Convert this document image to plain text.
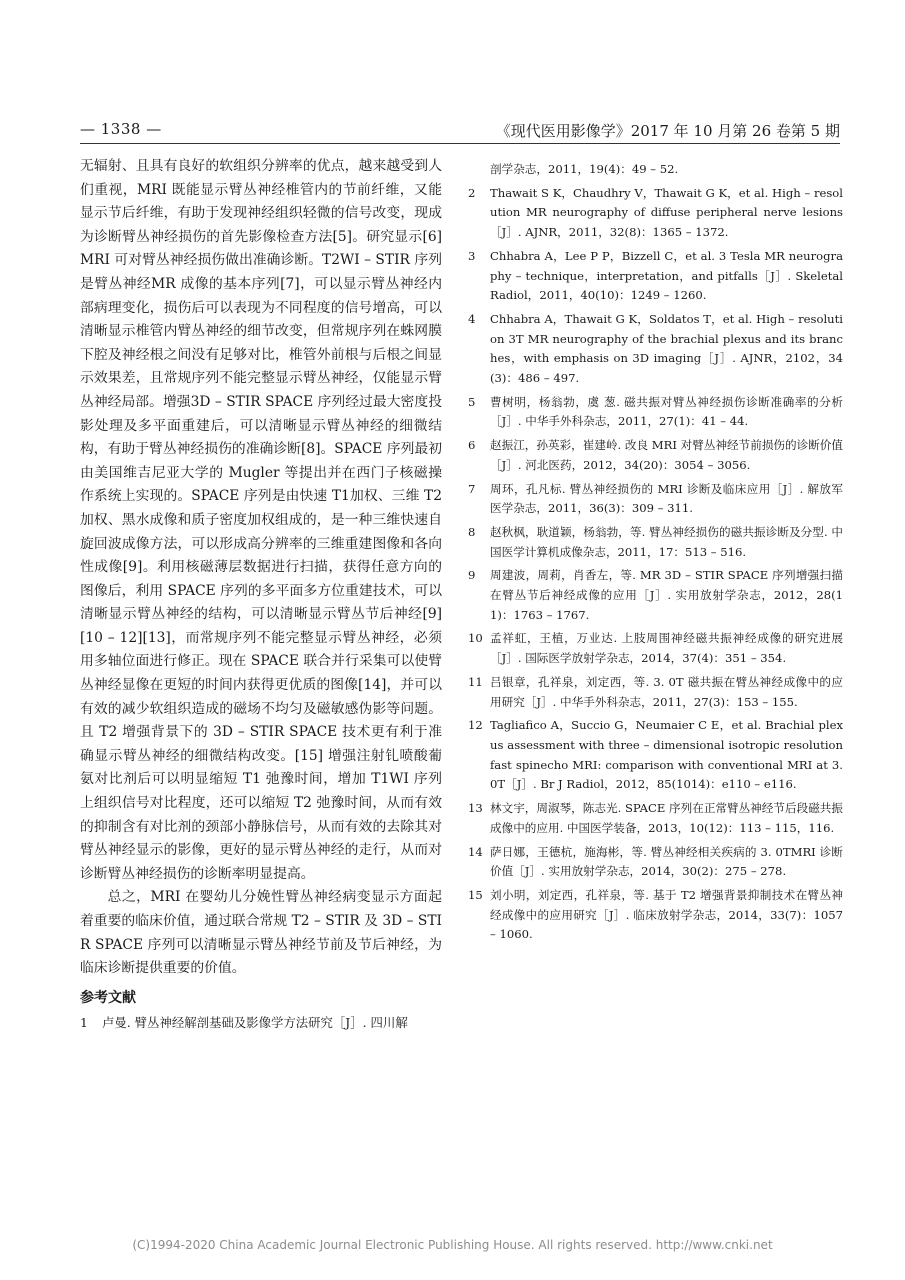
— 1338 —	《现代医用影像学》2017 年 10 月第 26 卷第 5 期

无辐射、且具有良好的软组织分辨率的优点，越来越受到人们重视，MRI 既能显示臂丛神经椎管内的节前纤维，又能显示节后纤维，有助于发现神经组织轻微的信号改变，现成为诊断臂丛神经损伤的首先影像检查方法[5]。研究显示[6] MRI 可对臂丛神经损伤做出准确诊断。T2WI – STIR 序列是臂丛神经MR 成像的基本序列[7]，可以显示臂丛神经内部病理变化，损伤后可以表现为不同程度的信号增高，可以清晰显示椎管内臂丛神经的细节改变，但常规序列在蛛网膜下腔及神经根之间没有足够对比，椎管外前根与后根之间显示效果差，且常规序列不能完整显示臂丛神经，仅能显示臂丛神经局部。增强3D – STIR SPACE 序列经过最大密度投影处理及多平面重建后，可以清晰显示臂丛神经的细微结构，有助于臂丛神经损伤的准确诊断[8]。SPACE 序列最初由美国维吉尼亚大学的 Mugler 等提出并在西门子核磁操作系统上实现的。SPACE 序列是由快速 T1加权、三维 T2 加权、黑水成像和质子密度加权组成的，是一种三维快速自旋回波成像方法，可以形成高分辨率的三维重建图像和各向性成像[9]。利用核磁薄层数据进行扫描，获得任意方向的图像后，利用 SPACE 序列的多平面多方位重建技术，可以清晰显示臂丛神经的结构，可以清晰显示臂丛节后神经[9][10 – 12][13]，而常规序列不能完整显示臂丛神经，必须用多轴位面进行修正。现在 SPACE 联合并行采集可以使臂丛神经显像在更短的时间内获得更优质的图像[14]，并可以有效的减少软组织造成的磁场不均匀及磁敏感伪影等问题。且 T2 增强背景下的 3D – STIR SPACE 技术更有利于准确显示臂丛神经的细微结构改变。[15] 增强注射钆喷酸葡氨对比剂后可以明显缩短 T1 弛豫时间，增加 T1WI 序列上组织信号对比程度，还可以缩短 T2 弛豫时间，从而有效的抑制含有对比剂的颈部小静脉信号，从而有效的去除其对臂丛神经显示的影像，更好的显示臂丛神经的走行，从而对诊断臂丛神经损伤的诊断率明显提高。

总之，MRI 在婴幼儿分娩性臂丛神经病变显示方面起着重要的临床价值，通过联合常规 T2 – STIR 及 3D – STIR SPACE 序列可以清晰显示臂丛神经节前及节后神经，为临床诊断提供重要的价值。

参考文献
1	卢曼. 臂丛神经解剖基础及影像学方法研究［J］. 四川解
剖学杂志，2011，19(4)：49 – 52.
2	Thawait S K，Chaudhry V，Thawait G K，et al. High – resolution MR neurography of diffuse peripheral nerve lesions［J］. AJNR，2011，32(8)：1365 – 1372.
3	Chhabra A，Lee P P，Bizzell C，et al. 3 Tesla MR neurography – technique，interpretation，and pitfalls［J］. Skeletal Radiol，2011，40(10)：1249 – 1260.
4	Chhabra A，Thawait G K，Soldatos T，et al. High – resolution 3T MR neurography of the brachial plexus and its branches，with emphasis on 3D imaging［J］. AJNR，2102，34(3)：486 – 497.
5	曹树明，杨翁勃，虞 葱. 磁共振对臂丛神经损伤诊断准确率的分析［J］. 中华手外科杂志，2011，27(1)：41 – 44.
6	赵振江，孙英彩，崔建岭. 改良 MRI 对臂丛神经节前损伤的诊断价值［J］. 河北医药，2012，34(20)：3054 – 3056.
7	周环，孔凡标. 臂丛神经损伤的 MRI 诊断及临床应用［J］. 解放军医学杂志，2011，36(3)：309 – 311.
8	赵秋枫，耿道颖，杨翁勃，等. 臂丛神经损伤的磁共振诊断及分型. 中国医学计算机成像杂志，2011，17：513 – 516.
9	周建波，周莉，肖香左，等. MR 3D – STIR SPACE 序列增强扫描在臂丛节后神经成像的应用［J］. 实用放射学杂志，2012，28(11)：1763 – 1767.
10 孟祥虹，王植，万业达. 上肢周围神经磁共振神经成像的研究进展［J］. 国际医学放射学杂志，2014，37(4)：351 – 354.
11 吕银章，孔祥泉，刘定西，等. 3. 0T 磁共振在臂丛神经成像中的应用研究［J］. 中华手外科杂志，2011，27(3)：153 – 155.
12 Tagliafico A，Succio G，Neumaier C E，et al. Brachial plexus assessment with three – dimensional isotropic resolution fast spinecho MRI: comparison with conventional MRI at 3. 0T［J］. Br J Radiol，2012，85(1014)：e110 – e116.
13 林文宇，周淑琴，陈志光. SPACE 序列在正常臂丛神经节后段磁共振成像中的应用. 中国医学装备，2013，10(12)：113 – 115，116.
14 萨日娜，王德杭，施海彬，等. 臂丛神经相关疾病的 3. 0TMRI 诊断价值［J］. 实用放射学杂志，2014，30(2)：275 – 278.
15 刘小明，刘定西，孔祥泉，等. 基于 T2 增强背景抑制技术在臂丛神经成像中的应用研究［J］. 临床放射学杂志，2014，33(7)：1057 – 1060.
(C)1994-2020 China Academic Journal Electronic Publishing House. All rights reserved. http://www.cnki.net
